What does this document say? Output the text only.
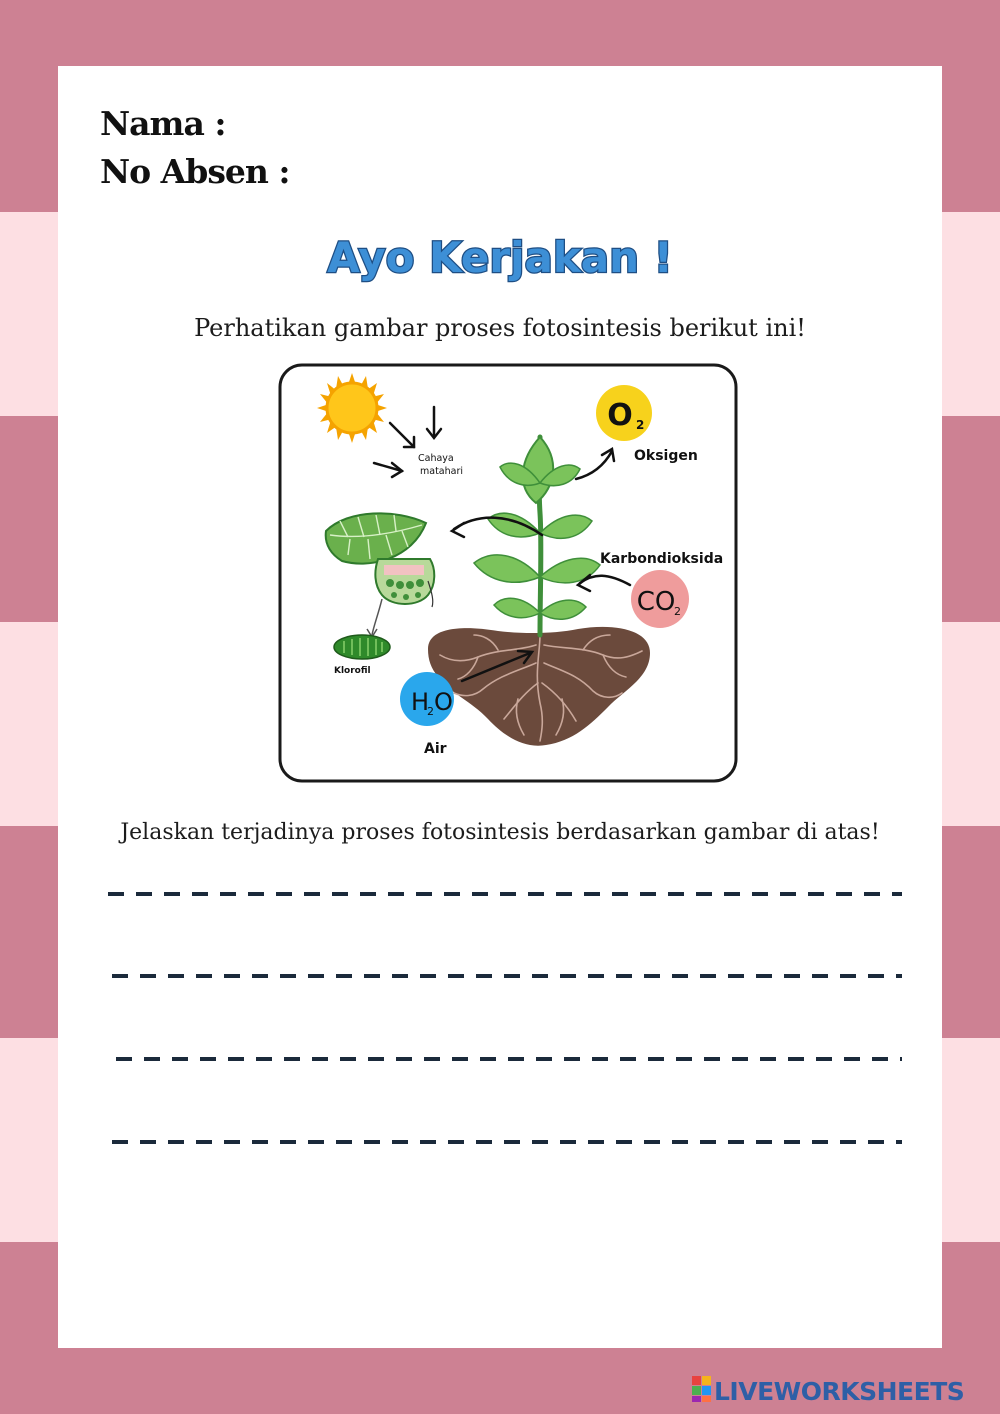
Nama :
No Absen :
Ayo Kerjakan !
Perhatikan gambar proses fotosintesis berikut ini!
Cahaya
matahari
O 2
Oksigen
Klorofil
Karbondioksida
CO
2
H
2 O
Air
Jelaskan terjadinya proses fotosintesis berdasarkan gambar di atas!
LIVEWORKSHEETS
